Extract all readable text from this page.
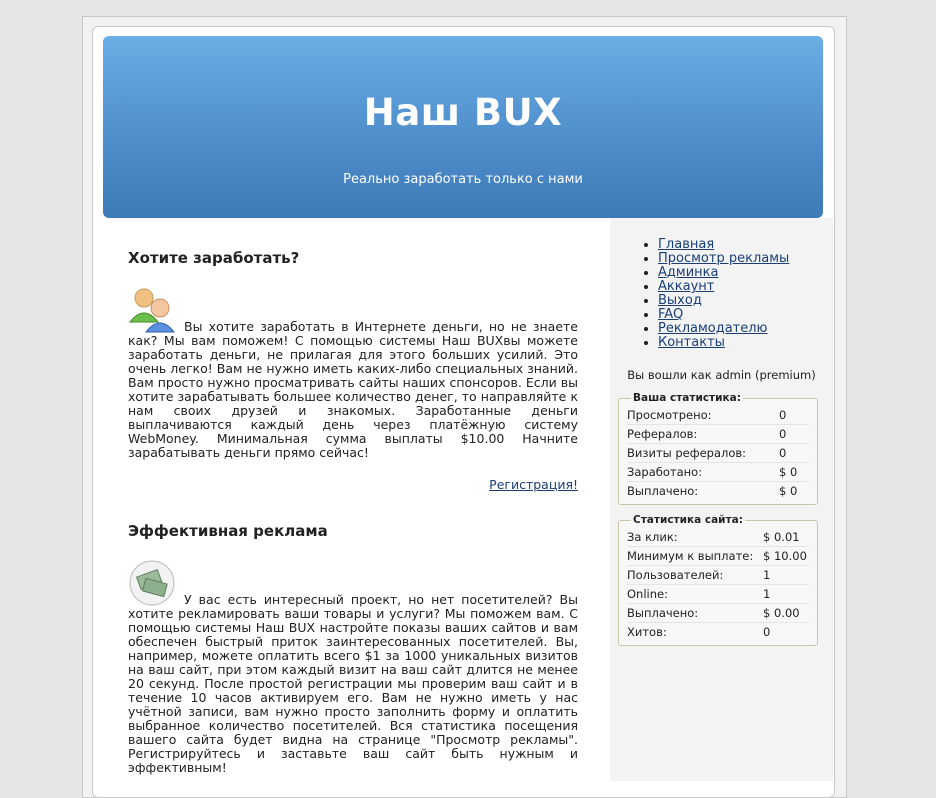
Наш BUX
Реально заработать только с нами
Хотите заработать?

Вы хотите заработать в Интернете деньги, но не знаете как? Мы вам поможем! С помощью системы Наш BUXвы можете заработать деньги, не прилагая для этого больших усилий. Это очень легко! Вам не нужно иметь каких-либо специальных знаний. Вам просто нужно просматривать сайты наших спонсоров. Если вы хотите зарабатывать большее количество денег, то направляйте к нам своих друзей и знакомых. Заработанные деньги выплачиваются каждый день через платёжную систему WebMoney. Минимальная сумма выплаты $10.00 Начните зарабатывать деньги прямо сейчас!

Регистрация!
Эффективная реклама

У вас есть интересный проект, но нет посетителей? Вы хотите рекламировать ваши товары и услуги? Мы поможем вам. С помощью системы Наш BUX настройте показы ваших сайтов и вам обеспечен быстрый приток заинтересованных посетителей. Вы, например, можете оплатить всего $1 за 1000 уникальных визитов на ваш сайт, при этом каждый визит на ваш сайт длится не менее 20 секунд. После простой регистрации мы проверим ваш сайт и в течение 10 часов активируем его. Вам не нужно иметь у нас учётной записи, вам нужно просто заполнить форму и оплатить выбранное количество посетителей. Вся статистика посещения вашего сайта будет видна на странице "Просмотр рекламы". Регистрируйтесь и заставьте ваш сайт быть нужным и эффективным!

• Главная
• Просмотр рекламы
• Админка
• Аккаунт
• Выход
• FAQ
• Рекламодателю
• Контакты
Вы вошли как admin (premium)
Ваша статистика:
Просмотрено:	0
Рефералов:	0
Визиты рефералов:	0
Заработано:	$ 0
Выплачено:	$ 0
Статистика сайта:
За клик:	$ 0.01
Минимум к выплате: $ 10.00
Пользователей:	1
Online:	1
Выплачено:	$ 0.00
Хитов:	0
